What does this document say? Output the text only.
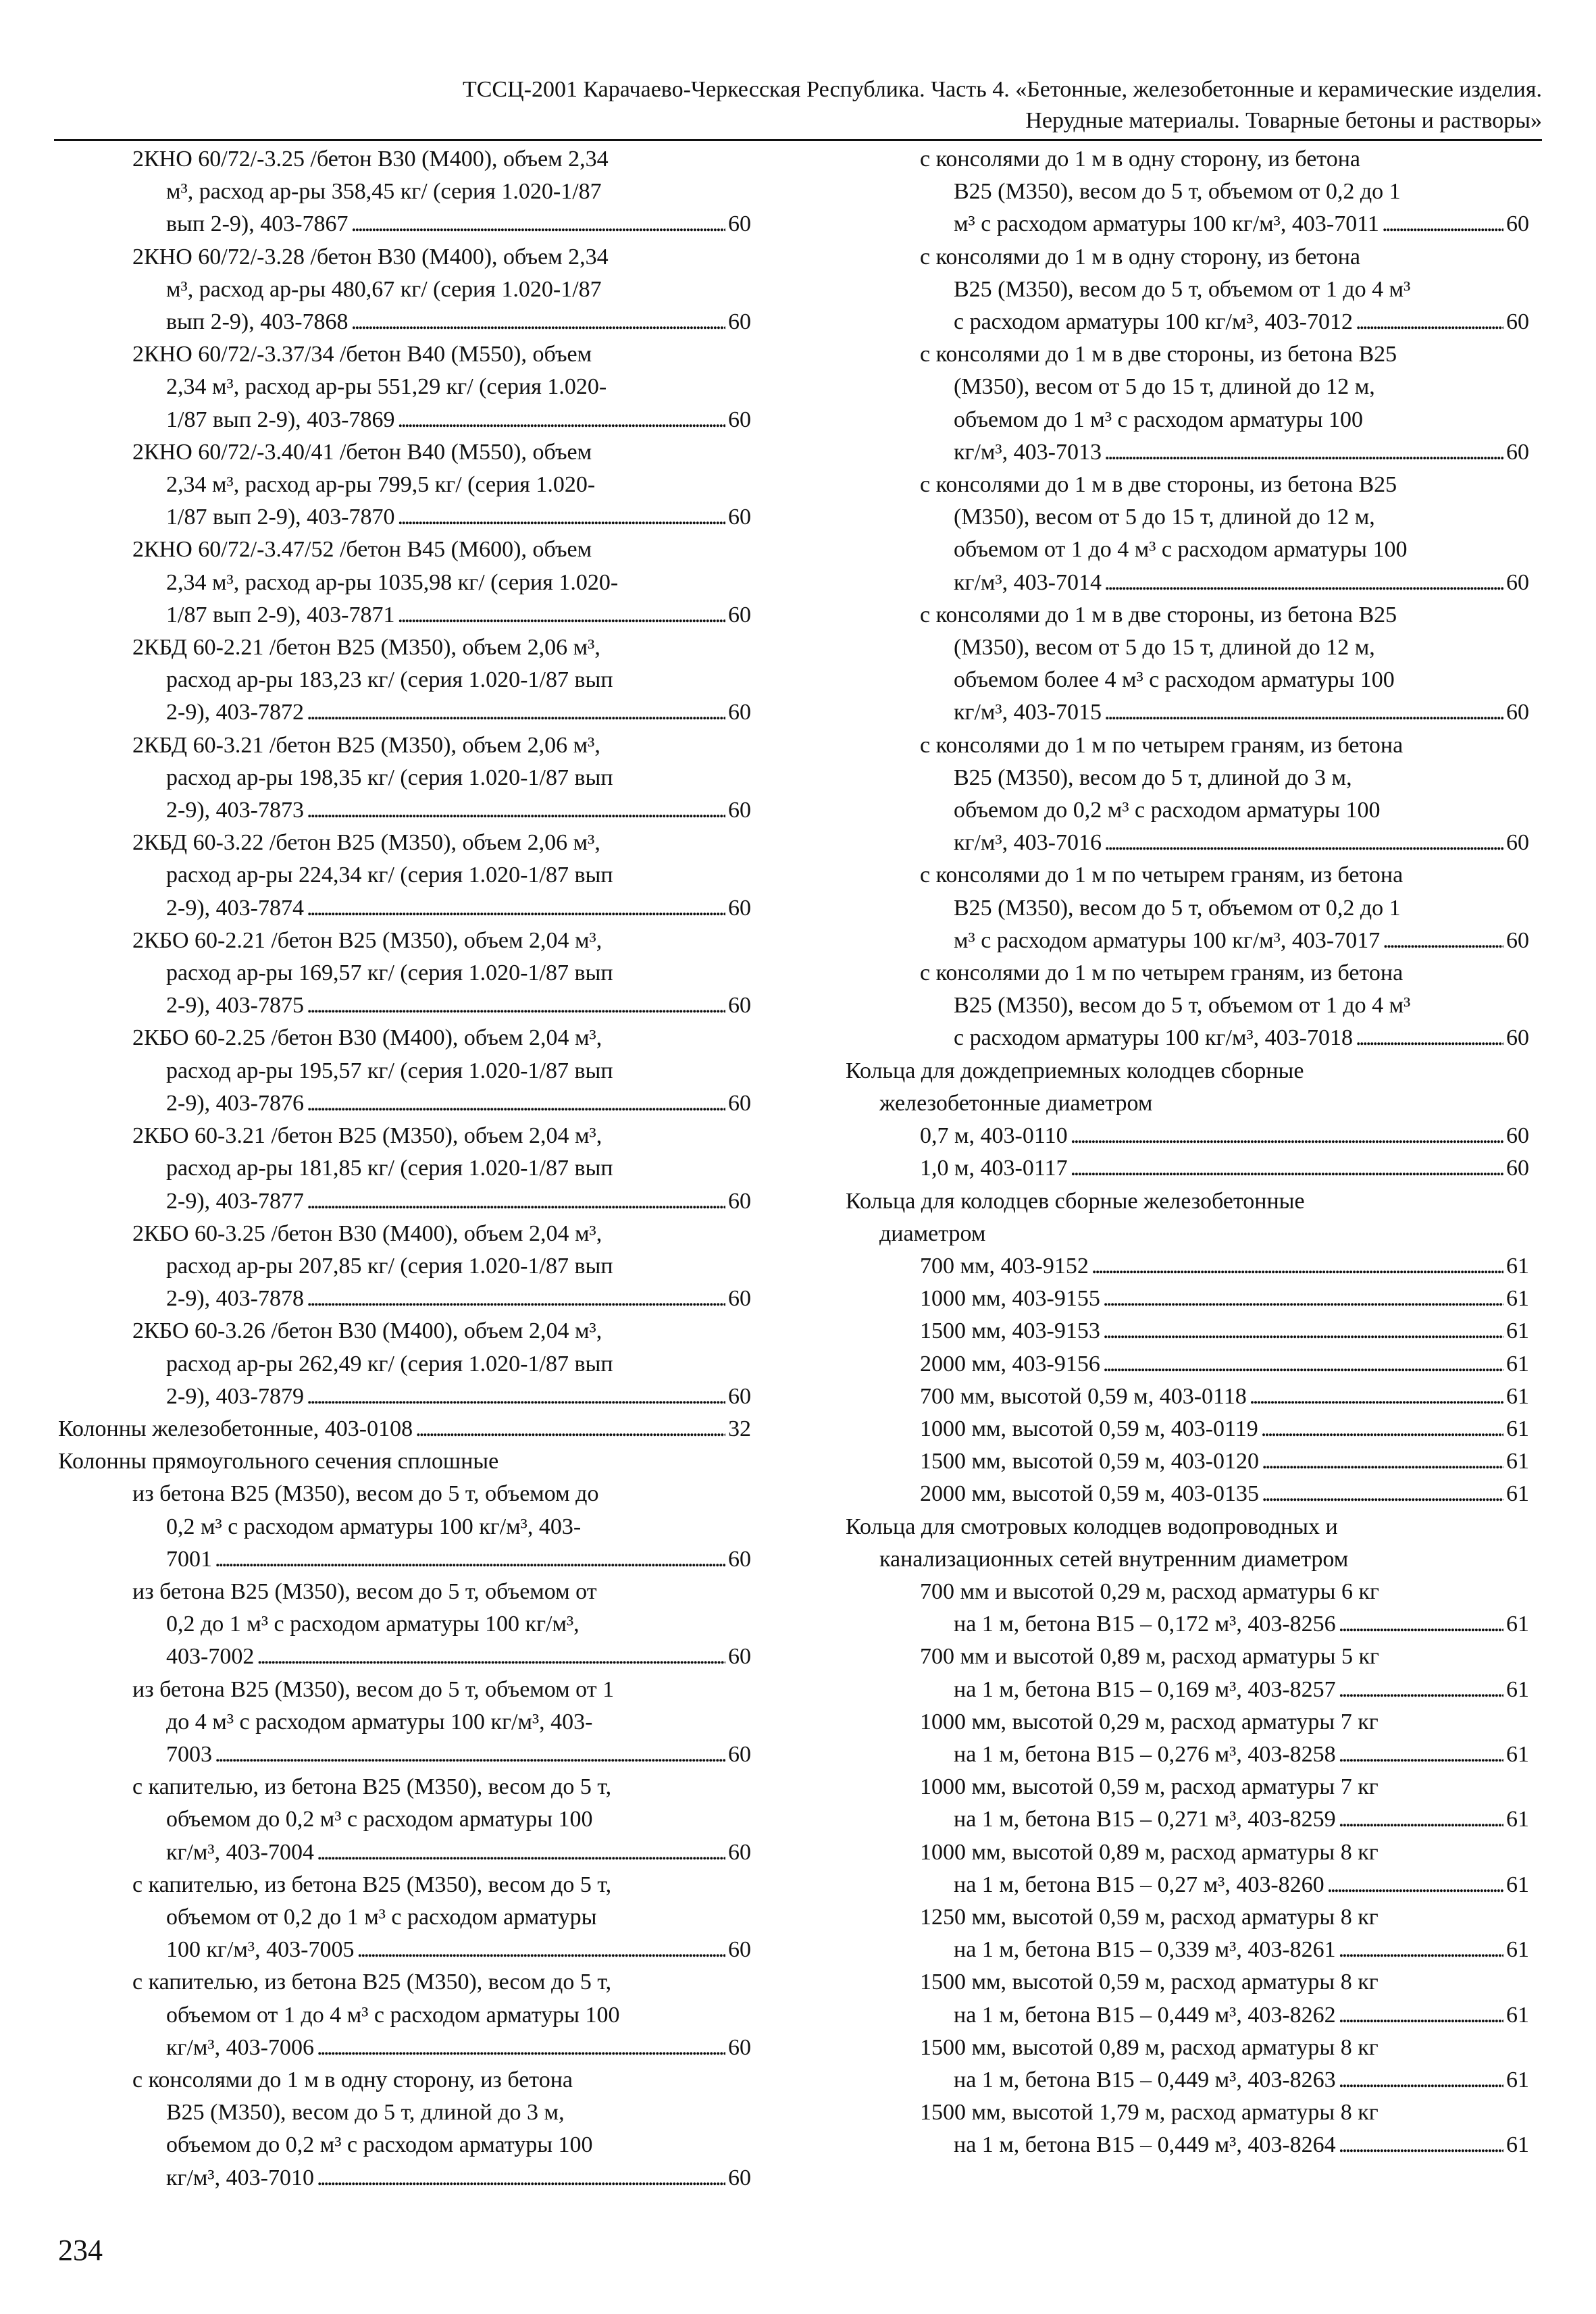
ТССЦ-2001 Карачаево-Черкесская Республика. Часть 4. «Бетонные, железобетонные и керамические изделия.
Нерудные материалы. Товарные бетоны и растворы»
2КНО 60/72/-3.25 /бетон В30 (М400), объем 2,34
м³, расход ар-ры 358,45 кг/ (серия 1.020-1/87
вып 2-9), 403-7867 . . .	60
2КНО 60/72/-3.28 /бетон В30 (М400), объем 2,34
м³, расход ар-ры 480,67 кг/ (серия 1.020-1/87
вып 2-9), 403-7868 . . .	60
2КНО 60/72/-3.37/34 /бетон В40 (М550), объем
2,34 м³, расход ар-ры 551,29 кг/ (серия 1.020-
1/87 вып 2-9), 403-7869 . . .	60
2КНО 60/72/-3.40/41 /бетон В40 (М550), объем
2,34 м³, расход ар-ры 799,5 кг/ (серия 1.020-
1/87 вып 2-9), 403-7870 . . .	60
2КНО 60/72/-3.47/52 /бетон В45 (М600), объем
2,34 м³, расход ар-ры 1035,98 кг/ (серия 1.020-
1/87 вып 2-9), 403-7871 . . .	60
2КБД 60-2.21 /бетон В25 (М350), объем 2,06 м³,
расход ар-ры 183,23 кг/ (серия 1.020-1/87 вып
2-9), 403-7872 . . .	60
2КБД 60-3.21 /бетон В25 (М350), объем 2,06 м³,
расход ар-ры 198,35 кг/ (серия 1.020-1/87 вып
2-9), 403-7873 . . .	60
2КБД 60-3.22 /бетон В25 (М350), объем 2,06 м³,
расход ар-ры 224,34 кг/ (серия 1.020-1/87 вып
2-9), 403-7874 . . .	60
2КБО 60-2.21 /бетон В25 (М350), объем 2,04 м³,
расход ар-ры 169,57 кг/ (серия 1.020-1/87 вып
2-9), 403-7875 . . .	60
2КБО 60-2.25 /бетон В30 (М400), объем 2,04 м³,
расход ар-ры 195,57 кг/ (серия 1.020-1/87 вып
2-9), 403-7876 . . .	60
2КБО 60-3.21 /бетон В25 (М350), объем 2,04 м³,
расход ар-ры 181,85 кг/ (серия 1.020-1/87 вып
2-9), 403-7877 . . .	60
2КБО 60-3.25 /бетон В30 (М400), объем 2,04 м³,
расход ар-ры 207,85 кг/ (серия 1.020-1/87 вып
2-9), 403-7878 . . .	60
2КБО 60-3.26 /бетон В30 (М400), объем 2,04 м³,
расход ар-ры 262,49 кг/ (серия 1.020-1/87 вып
2-9), 403-7879 . . .	60
Колонны железобетонные, 403-0108 . . .	32
Колонны прямоугольного сечения сплошные
из бетона В25 (М350), весом до 5 т, объемом до
0,2 м³ с расходом арматуры 100 кг/м³, 403-
7001 . . .	60
из бетона В25 (М350), весом до 5 т, объемом от
0,2 до 1 м³ с расходом арматуры 100 кг/м³,
403-7002 . . .	60
из бетона В25 (М350), весом до 5 т, объемом от 1
до 4 м³ с расходом арматуры 100 кг/м³, 403-
7003 . . .	60
с капителью, из бетона В25 (М350), весом до 5 т,
объемом до 0,2 м³ с расходом арматуры 100
кг/м³, 403-7004 . . .	60
с капителью, из бетона В25 (М350), весом до 5 т,
объемом от 0,2 до 1 м³ с расходом арматуры
100 кг/м³, 403-7005 . . .	60
с капителью, из бетона В25 (М350), весом до 5 т,
объемом от 1 до 4 м³ с расходом арматуры 100
кг/м³, 403-7006 . . .	60
с консолями до 1 м в одну сторону, из бетона
В25 (М350), весом до 5 т, длиной до 3 м,
объемом до 0,2 м³ с расходом арматуры 100
кг/м³, 403-7010 . . .	60
с консолями до 1 м в одну сторону, из бетона
В25 (М350), весом до 5 т, объемом от 0,2 до 1
м³ с расходом арматуры 100 кг/м³, 403-7011 . . .	60
с консолями до 1 м в одну сторону, из бетона
В25 (М350), весом до 5 т, объемом от 1 до 4 м³
с расходом арматуры 100 кг/м³, 403-7012 . . .	60
с консолями до 1 м в две стороны, из бетона В25
(М350), весом от 5 до 15 т, длиной до 12 м,
объемом до 1 м³ с расходом арматуры 100
кг/м³, 403-7013 . . .	60
с консолями до 1 м в две стороны, из бетона В25
(М350), весом от 5 до 15 т, длиной до 12 м,
объемом от 1 до 4 м³ с расходом арматуры 100
кг/м³, 403-7014 . . .	60
с консолями до 1 м в две стороны, из бетона В25
(М350), весом от 5 до 15 т, длиной до 12 м,
объемом более 4 м³ с расходом арматуры 100
кг/м³, 403-7015 . . .	60
с консолями до 1 м по четырем граням, из бетона
В25 (М350), весом до 5 т, длиной до 3 м,
объемом до 0,2 м³ с расходом арматуры 100
кг/м³, 403-7016 . . .	60
с консолями до 1 м по четырем граням, из бетона
В25 (М350), весом до 5 т, объемом от 0,2 до 1
м³ с расходом арматуры 100 кг/м³, 403-7017 . . .	60
с консолями до 1 м по четырем граням, из бетона
В25 (М350), весом до 5 т, объемом от 1 до 4 м³
с расходом арматуры 100 кг/м³, 403-7018 . . .	60
Кольца для дождеприемных колодцев сборные
железобетонные диаметром
0,7 м, 403-0110 . . .	60
1,0 м, 403-0117 . . .	60
Кольца для колодцев сборные железобетонные
диаметром
700 мм, 403-9152 . . .	61
1000 мм, 403-9155 . . .	61
1500 мм, 403-9153 . . .	61
2000 мм, 403-9156 . . .	61
700 мм, высотой 0,59 м, 403-0118 . . .	61
1000 мм, высотой 0,59 м, 403-0119 . . .	61
1500 мм, высотой 0,59 м, 403-0120 . . .	61
2000 мм, высотой 0,59 м, 403-0135 . . .	61
Кольца для смотровых колодцев водопроводных и
канализационных сетей внутренним диаметром
700 мм и высотой 0,29 м, расход арматуры 6 кг
на 1 м, бетона В15 – 0,172 м³, 403-8256 . . .	61
700 мм и высотой 0,89 м, расход арматуры 5 кг
на 1 м, бетона В15 – 0,169 м³, 403-8257 . . .	61
1000 мм, высотой 0,29 м, расход арматуры 7 кг
на 1 м, бетона В15 – 0,276 м³, 403-8258 . . .	61
1000 мм, высотой 0,59 м, расход арматуры 7 кг
на 1 м, бетона В15 – 0,271 м³, 403-8259 . . .	61
1000 мм, высотой 0,89 м, расход арматуры 8 кг
на 1 м, бетона В15 – 0,27 м³, 403-8260 . . .	61
1250 мм, высотой 0,59 м, расход арматуры 8 кг
на 1 м, бетона В15 – 0,339 м³, 403-8261 . . .	61
1500 мм, высотой 0,59 м, расход арматуры 8 кг
на 1 м, бетона В15 – 0,449 м³, 403-8262 . . .	61
1500 мм, высотой 0,89 м, расход арматуры 8 кг
на 1 м, бетона В15 – 0,449 м³, 403-8263 . . .	61
1500 мм, высотой 1,79 м, расход арматуры 8 кг
на 1 м, бетона В15 – 0,449 м³, 403-8264 . . .	61
234
